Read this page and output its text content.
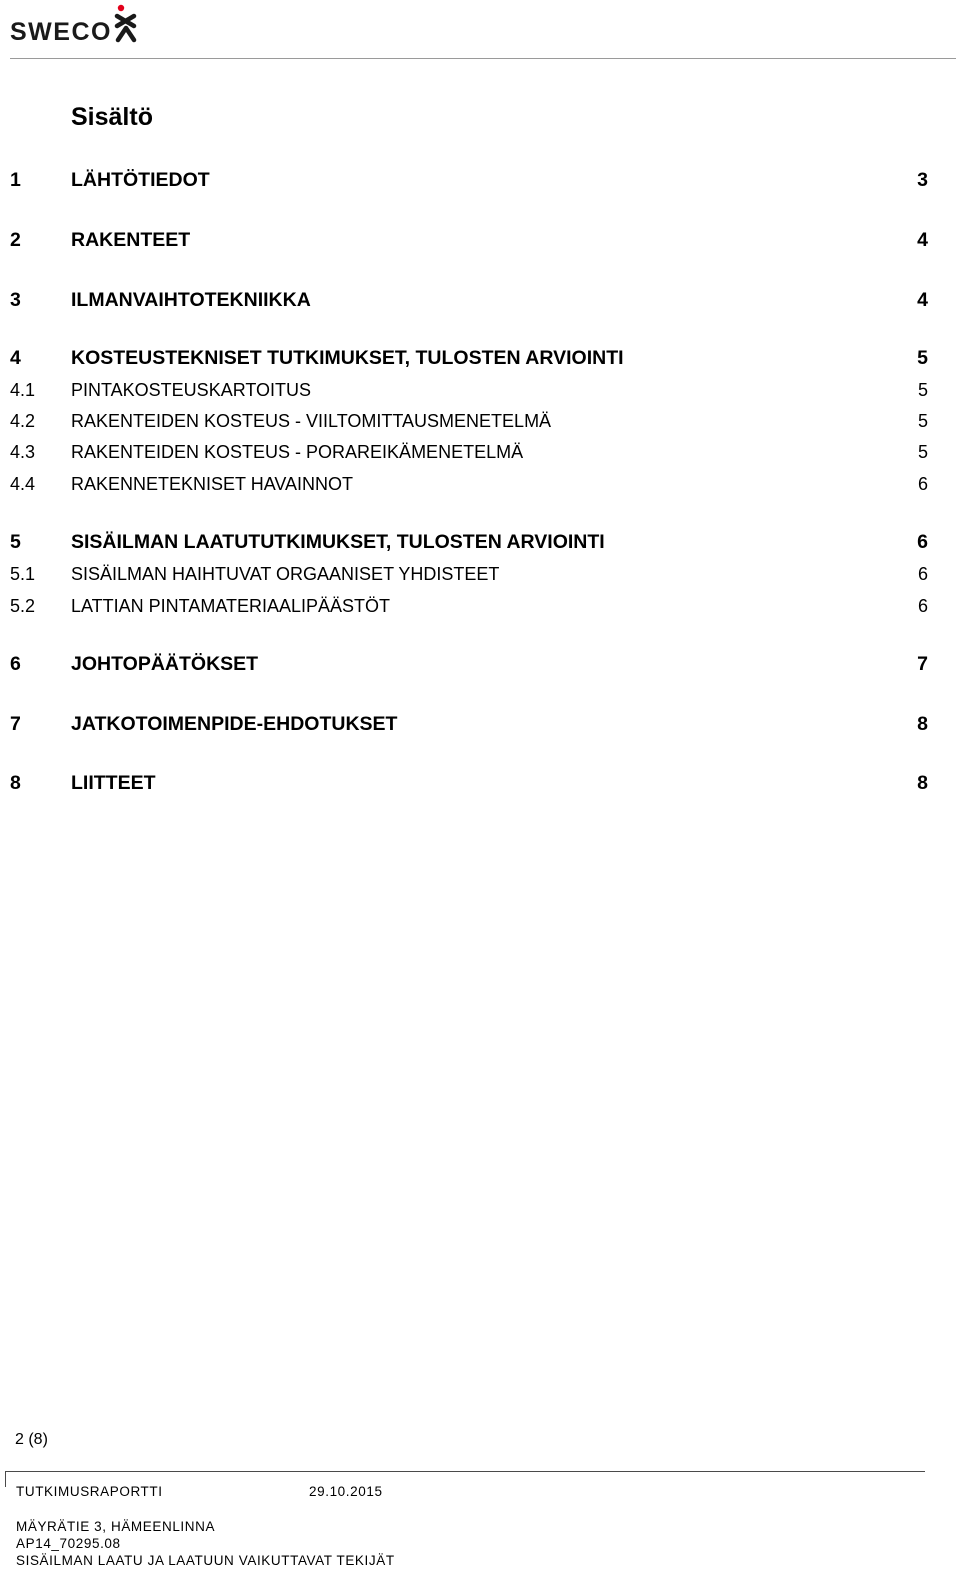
SWECO
Sisältö
1	LÄHTÖTIEDOT	3
2	RAKENTEET	4
3	ILMANVAIHTOTEKNIIKKA	4
4	KOSTEUSTEKNISET TUTKIMUKSET, TULOSTEN ARVIOINTI	5
4.1 PINTAKOSTEUSKARTOITUS	5
4.2 RAKENTEIDEN KOSTEUS - VIILTOMITTAUSMENETELMÄ	5
4.3 RAKENTEIDEN KOSTEUS - PORAREIKÄMENETELMÄ	5
4.4 RAKENNETEKNISET HAVAINNOT	6
5	SISÄILMAN LAATUTUTKIMUKSET, TULOSTEN ARVIOINTI	6
5.1 SISÄILMAN HAIHTUVAT ORGAANISET YHDISTEET	6
5.2 LATTIAN PINTAMATERIAALIPÄÄSTÖT	6
6	JOHTOPÄÄTÖKSET	7
7	JATKOTOIMENPIDE-EHDOTUKSET	8
8	LIITTEET	8
2 (8)
TUTKIMUSRAPORTTI	29.10.2015
MÄYRÄTIE 3, HÄMEENLINNA
AP14_70295.08
SISÄILMAN LAATU JA LAATUUN VAIKUTTAVAT TEKIJÄT
